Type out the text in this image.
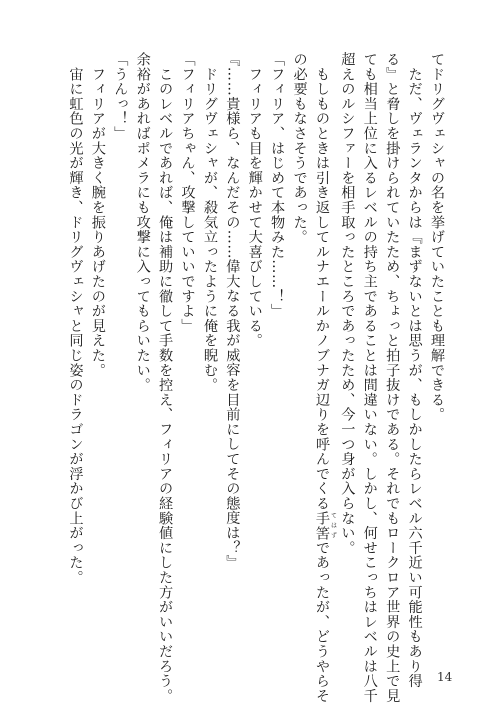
てドリグヴェシャの名を挙げていたことも理解できる。
　ただ、ヴェランタからは『まずないとは思うが、もしかしたらレベル六千近い可能性もあり得
る』と脅しを掛けられていたため、ちょっと拍子抜けである。それでもロークロア世界の史上で見
ても相当上位に入るレベルの持ち主であることは間違いない。しかし、何せこっちはレベルは八千
超えのルシファーを相手取ったところであったため、今一つ身が入らない。
　もしものときは引き返してルナエールかノブナガ辺りを呼んでくる手筈 てはずであったが、どうやらそ
の必要もなさそうであった。
「フィリア、はじめて本物みた……！」
　フィリアも目を輝かせて大喜びしている。
『……貴様ら、なんだその……偉大なる我が威容を目前にしてその態度は？』
　ドリグヴェシャが、殺気立ったように俺を睨む。
「フィリアちゃん、攻撃していいですよ」
　このレベルであれば、俺は補助に徹して手数を控え、フィリアの経験値にした方がいいだろう。
余裕があればポメラにも攻撃に入ってもらいたい。
「うんっ！」
　フィリアが大きく腕を振りあげたのが見えた。
　宙に虹色の光が輝き、ドリグヴェシャと同じ姿のドラゴンが浮かび上がった。
14
